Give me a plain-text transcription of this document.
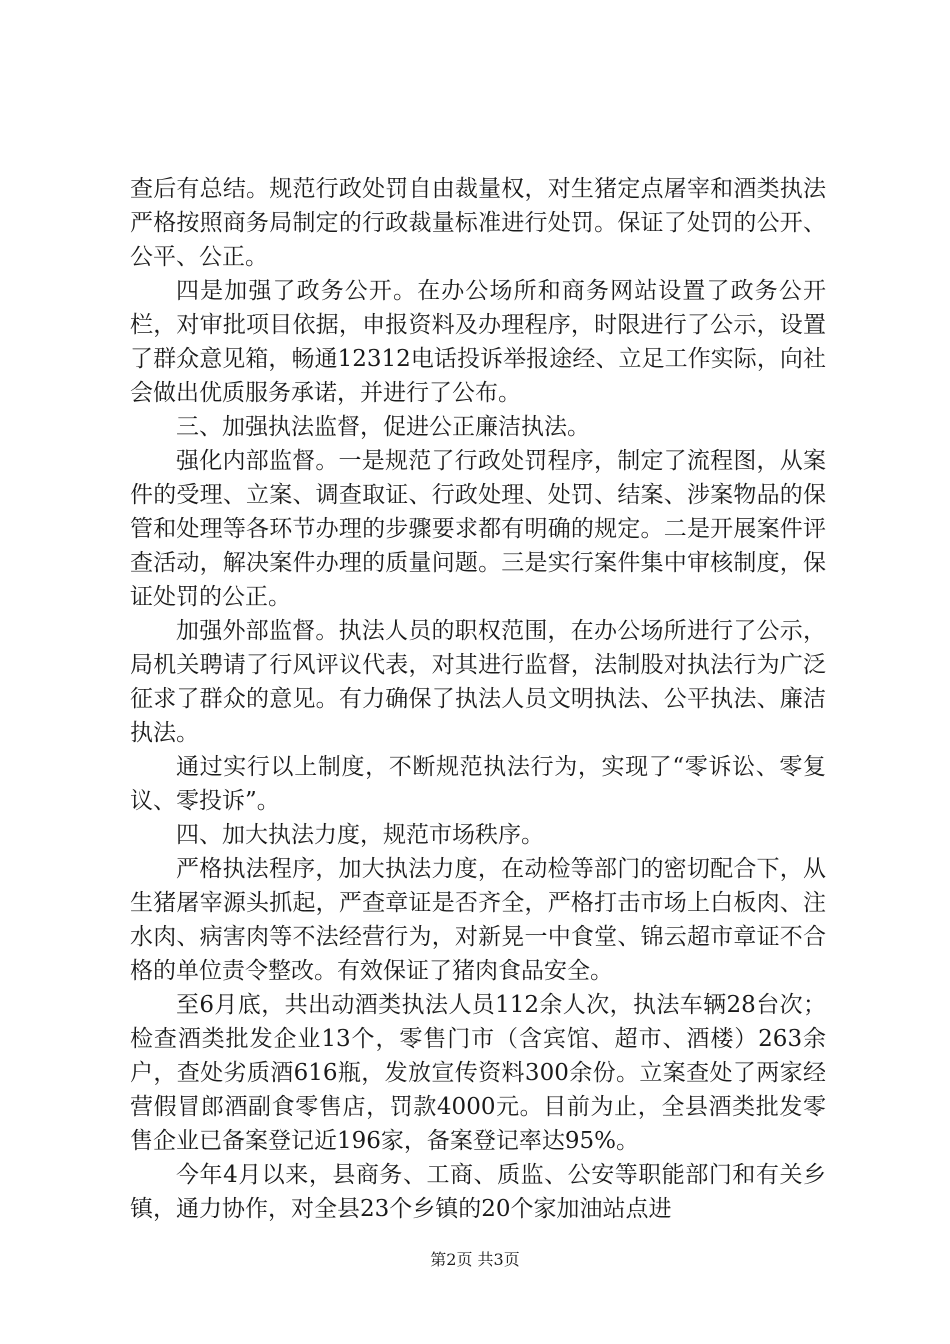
查后有总结。规范行政处罚自由裁量权，对生猪定点屠宰和酒类执法严格按照商务局制定的行政裁量标准进行处罚。保证了处罚的公开、公平、公正。

四是加强了政务公开。在办公场所和商务网站设置了政务公开栏，对审批项目依据，申报资料及办理程序，时限进行了公示，设置了群众意见箱，畅通12312电话投诉举报途经、立足工作实际，向社会做出优质服务承诺，并进行了公布。

三、加强执法监督，促进公正廉洁执法。

强化内部监督。一是规范了行政处罚程序，制定了流程图，从案件的受理、立案、调查取证、行政处理、处罚、结案、涉案物品的保管和处理等各环节办理的步骤要求都有明确的规定。二是开展案件评查活动，解决案件办理的质量问题。三是实行案件集中审核制度，保证处罚的公正。

加强外部监督。执法人员的职权范围，在办公场所进行了公示，局机关聘请了行风评议代表，对其进行监督，法制股对执法行为广泛征求了群众的意见。有力确保了执法人员文明执法、公平执法、廉洁执法。

通过实行以上制度，不断规范执法行为，实现了“零诉讼、零复议、零投诉”。

四、加大执法力度，规范市场秩序。

严格执法程序，加大执法力度，在动检等部门的密切配合下，从生猪屠宰源头抓起，严查章证是否齐全，严格打击市场上白板肉、注水肉、病害肉等不法经营行为，对新晃一中食堂、锦云超市章证不合格的单位责令整改。有效保证了猪肉食品安全。

至6月底，共出动酒类执法人员112余人次，执法车辆28台次；检查酒类批发企业13个，零售门市（含宾馆、超市、酒楼）263余户，查处劣质酒616瓶，发放宣传资料300余份。立案查处了两家经营假冒郎酒副食零售店，罚款4000元。目前为止，全县酒类批发零售企业已备案登记近196家，备案登记率达95%。

今年4月以来，县商务、工商、质监、公安等职能部门和有关乡镇，通力协作，对全县23个乡镇的20个家加油站点进

第2页 共3页
